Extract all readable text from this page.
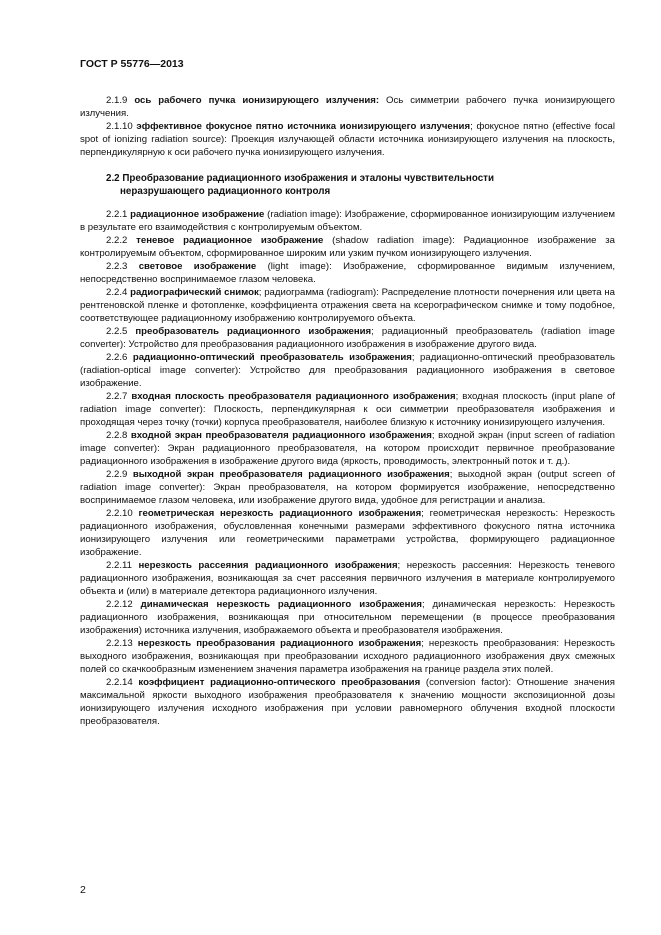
ГОСТ Р 55776—2013

2.1.9 ось рабочего пучка ионизирующего излучения: Ось симметрии рабочего пучка ионизирующего излучения.

2.1.10 эффективное фокусное пятно источника ионизирующего излучения; фокусное пятно (effective focal spot of ionizing radiation source): Проекция излучающей области источника ионизирующего излучения на плоскость, перпендикулярную к оси рабочего пучка ионизирующего излучения.

2.2 Преобразование радиационного изображения и эталоны чувствительности
неразрушающего радиационного контроля

2.2.1 радиационное изображение (radiation image): Изображение, сформированное ионизирующим излучением в результате его взаимодействия с контролируемым объектом.

2.2.2 теневое радиационное изображение (shadow radiation image): Радиационное изображение за контролируемым объектом, сформированное широким или узким пучком ионизирующего излучения.

2.2.3 световое изображение (light image): Изображение, сформированное видимым излучением, непосредственно воспринимаемое глазом человека.

2.2.4 радиографический снимок; радиограмма (radiogram): Распределение плотности почернения или цвета на рентгеновской пленке и фотопленке, коэффициента отражения света на ксерографическом снимке и тому подобное, соответствующее радиационному изображению контролируемого объекта.

2.2.5 преобразователь радиационного изображения; радиационный преобразователь (radiation image converter): Устройство для преобразования радиационного изображения в изображение другого вида.

2.2.6 радиационно-оптический преобразователь изображения; радиационно-оптический преобразователь (radiation-optical image converter): Устройство для преобразования радиационного изображения в световое изображение.

2.2.7 входная плоскость преобразователя радиационного изображения; входная плоскость (input plane of radiation image converter): Плоскость, перпендикулярная к оси симметрии преобразователя изображения и проходящая через точку (точки) корпуса преобразователя, наиболее близкую к источнику ионизирующего излучения.

2.2.8 входной экран преобразователя радиационного изображения; входной экран (input screen of radiation image converter): Экран радиационного преобразователя, на котором происходит первичное преобразование радиационного изображения в изображение другого вида (яркость, проводимость, электронный поток и т. д.).

2.2.9 выходной экран преобразователя радиационного изображения; выходной экран (output screen of radiation image converter): Экран преобразователя, на котором формируется изображение, непосредственно воспринимаемое глазом человека, или изображение другого вида, удобное для регистрации и анализа.

2.2.10 геометрическая нерезкость радиационного изображения; геометрическая нерезкость: Нерезкость радиационного изображения, обусловленная конечными размерами эффективного фокусного пятна источника ионизирующего излучения или геометрическими параметрами устройства, формирующего радиационное изображение.

2.2.11 нерезкость рассеяния радиационного изображения; нерезкость рассеяния: Нерезкость теневого радиационного изображения, возникающая за счет рассеяния первичного излучения в материале контролируемого объекта и (или) в материале детектора радиационного излучения.

2.2.12 динамическая нерезкость радиационного изображения; динамическая нерезкость: Нерезкость радиационного изображения, возникающая при относительном перемещении (в процессе преобразования изображения) источника излучения, изображаемого объекта и преобразователя изображения.

2.2.13 нерезкость преобразования радиационного изображения; нерезкость преобразования: Нерезкость выходного изображения, возникающая при преобразовании исходного радиационного изображения двух смежных полей со скачкообразным изменением значения параметра изображения на границе раздела этих полей.

2.2.14 коэффициент радиационно-оптического преобразования (conversion factor): Отношение значения максимальной яркости выходного изображения преобразователя к значению мощности экспозиционной дозы ионизирующего излучения исходного изображения при условии равномерного облучения входной плоскости преобразователя.

2
